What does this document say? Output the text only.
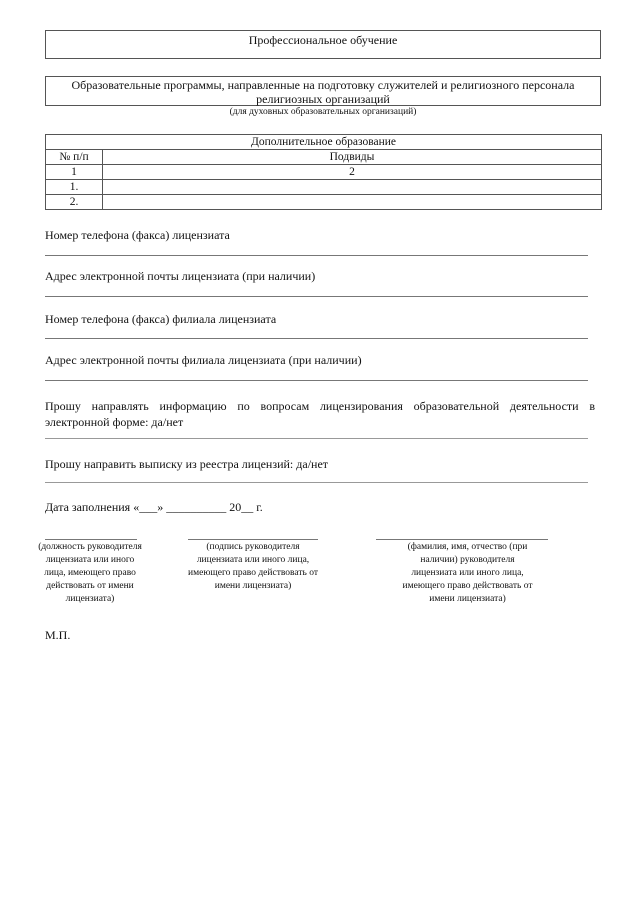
Профессиональное обучение
Образовательные программы, направленные на подготовку служителей и религиозного персонала религиозных организаций
(для духовных образовательных организаций)
Дополнительное образование	
№ п/п	Подвиды
1	2
1.	
2.	
Номер телефона (факса) лицензиата
Адрес электронной почты лицензиата (при наличии)
Номер телефона (факса) филиала лицензиата
Адрес электронной почты филиала лицензиата (при наличии)
Прошу направлять информацию по вопросам лицензирования образовательной деятельности в электронной форме: да/нет
Прошу направить выписку из реестра лицензий: да/нет
Дата заполнения «___» __________ 20__ г.
(должность руководителя лицензиата или иного лица, имеющего право действовать от имени лицензиата)
(подпись руководителя лицензиата или иного лица, имеющего право действовать от имени лицензиата)
(фамилия, имя, отчество (при наличии) руководителя лицензиата или иного лица, имеющего право действовать от имени лицензиата)
М.П.
